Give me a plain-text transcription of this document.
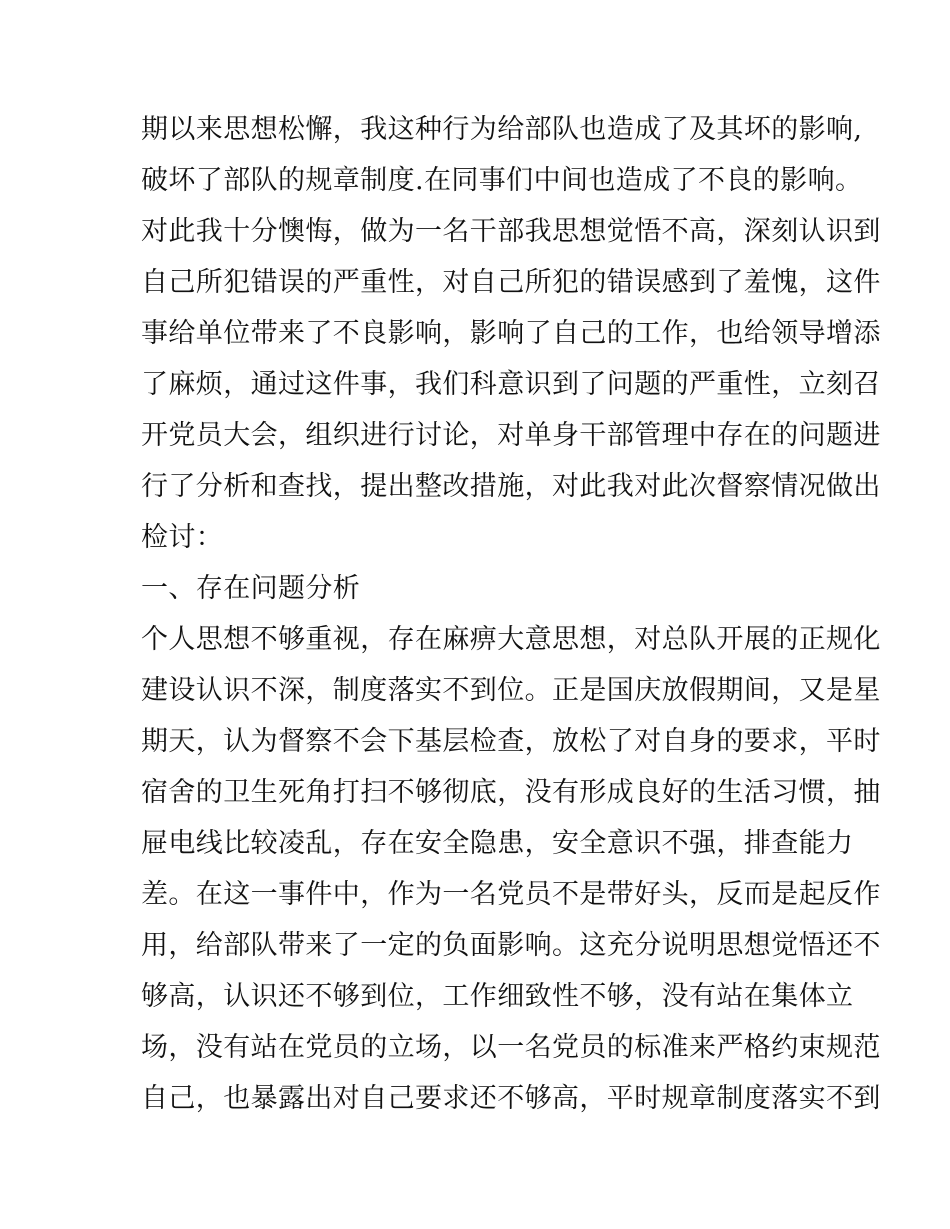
期以来思想松懈，我这种行为给部队也造成了及其坏的影响,
破坏了部队的规章制度.在同事们中间也造成了不良的影响。
对此我十分懊悔，做为一名干部我思想觉悟不高，深刻认识到
自己所犯错误的严重性，对自己所犯的错误感到了羞愧，这件
事给单位带来了不良影响，影响了自己的工作，也给领导增添
了麻烦，通过这件事，我们科意识到了问题的严重性，立刻召
开党员大会，组织进行讨论，对单身干部管理中存在的问题进
行了分析和查找，提出整改措施，对此我对此次督察情况做出
检讨：
一、存在问题分析
个人思想不够重视，存在麻痹大意思想，对总队开展的正规化
建设认识不深，制度落实不到位。正是国庆放假期间，又是星
期天，认为督察不会下基层检查，放松了对自身的要求，平时
宿舍的卫生死角打扫不够彻底，没有形成良好的生活习惯，抽
屉电线比较凌乱，存在安全隐患，安全意识不强，排查能力
差。在这一事件中，作为一名党员不是带好头，反而是起反作
用，给部队带来了一定的负面影响。这充分说明思想觉悟还不
够高，认识还不够到位，工作细致性不够，没有站在集体立
场，没有站在党员的立场，以一名党员的标准来严格约束规范
自己，也暴露出对自己要求还不够高，平时规章制度落实不到
